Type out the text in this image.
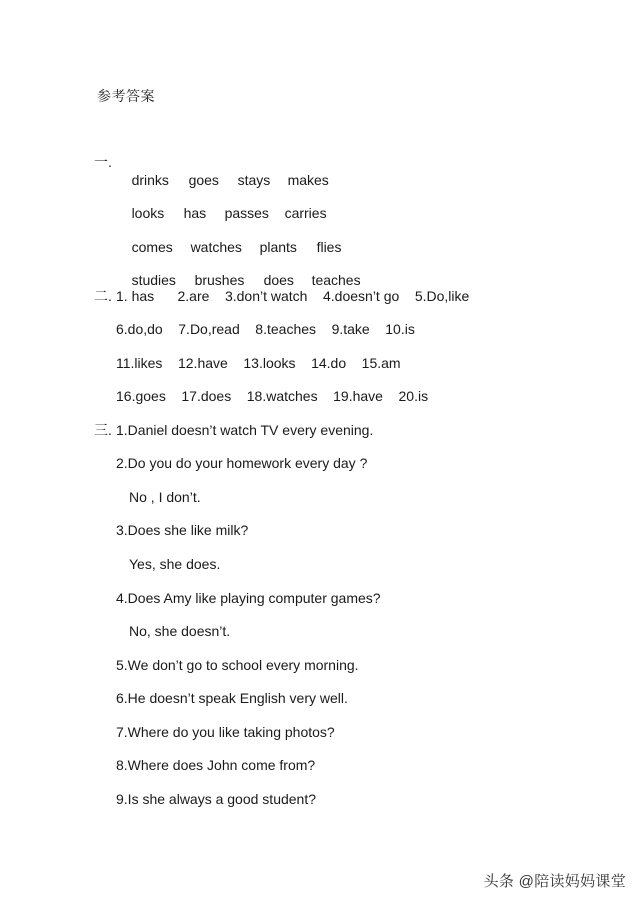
参考答案
一.

drinks goes stays makes

looks has passes carries

comes watches plants flies

studies brushes does teaches

二. 1. has      2.are    3.don’t watch    4.doesn’t go    5.Do,like
6.do,do    7.Do,read    8.teaches    9.take    10.is
11.likes    12.have    13.looks    14.do    15.am
16.goes    17.does    18.watches    19.have    20.is
三. 1.Daniel doesn’t watch TV every evening.
2.Do you do your homework every day ?
No , I don’t.
3.Does she like milk?
Yes, she does.
4.Does Amy like playing computer games?
No, she doesn’t.
5.We don’t go to school every morning.
6.He doesn’t speak English very well.
7.Where do you like taking photos?
8.Where does John come from?
9.Is she always a good student?
头条 @陪读妈妈课堂
